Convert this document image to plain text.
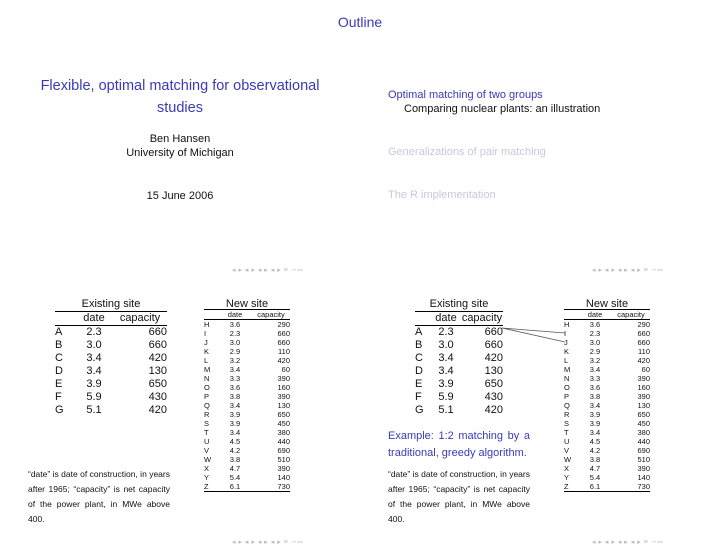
Flexible, optimal matching for observational studies
Ben Hansen
University of Michigan
15 June 2006
◂ ▸ ◂ ▸ ◂ ▸ ◂ ▸ ≡ ∽∾
Outline
Optimal matching of two groups
Comparing nuclear plants: an illustration
Generalizations of pair matching
The R implementation
◂ ▸ ◂ ▸ ◂ ▸ ◂ ▸ ≡ ∽∾
Existing site
	date	capacity
A	2.3	660
B	3.0	660
C	3.4	420
D	3.4	130
E	3.9	650
F	5.9	430
G	5.1	420
New site
	date	capacity
H	3.6	290
I	2.3	660
J	3.0	660
K	2.9	110
L	3.2	420
M	3.4	60
N	3.3	390
O	3.6	160
P	3.8	390
Q	3.4	130
R	3.9	650
S	3.9	450
T	3.4	380
U	4.5	440
V	4.2	690
W	3.8	510
X	4.7	390
Y	5.4	140
Z	6.1	730
“date” is date of construction, in years after 1965; “capacity” is net capacity of the power plant, in MWe above 400.
◂ ▸ ◂ ▸ ◂ ▸ ◂ ▸ ≡ ∽∾
Existing site
	date	capacity
A	2.3	660
B	3.0	660
C	3.4	420
D	3.4	130
E	3.9	650
F	5.9	430
G	5.1	420
New site
	date	capacity
H	3.6	290
I	2.3	660
J	3.0	660
K	2.9	110
L	3.2	420
M	3.4	60
N	3.3	390
O	3.6	160
P	3.8	390
Q	3.4	130
R	3.9	650
S	3.9	450
T	3.4	380
U	4.5	440
V	4.2	690
W	3.8	510
X	4.7	390
Y	5.4	140
Z	6.1	730
Example: 1:2 matching by a traditional, greedy algorithm.
“date” is date of construction, in years after 1965; “capacity” is net capacity of the power plant, in MWe above 400.
◂ ▸ ◂ ▸ ◂ ▸ ◂ ▸ ≡ ∽∾
